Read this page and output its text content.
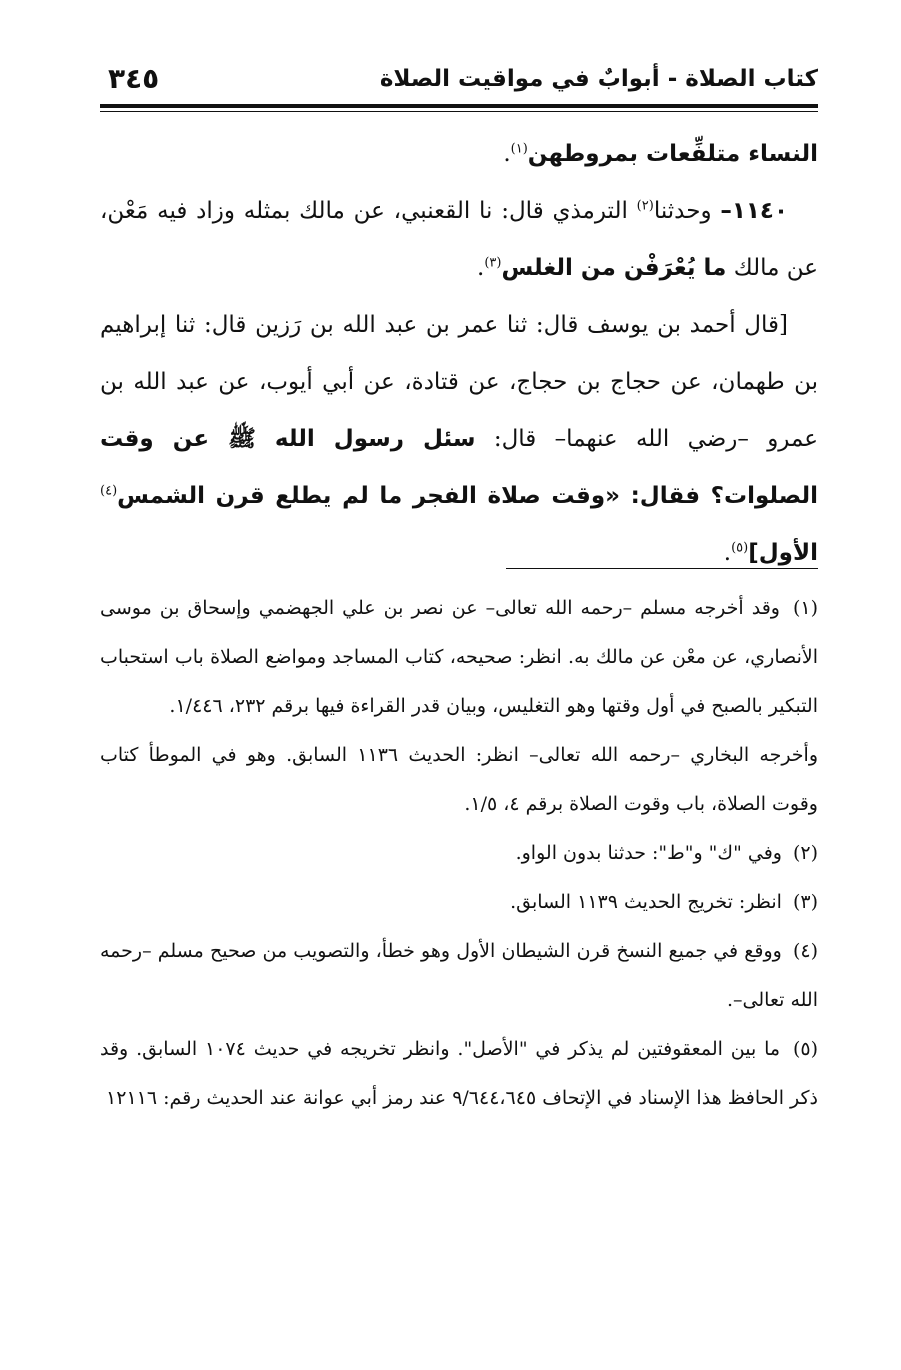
كتاب الصلاة - أبوابٌ في مواقيت الصلاة
٣٤٥

النساء متلفِّعات بمروطهن$^{(١)}$.

١١٤٠– وحدثنا$^{(٢)}$ الترمذي قال: نا القعنبي، عن مالك بمثله وزاد فيه مَعْن، عن مالك ما يُعْرَفْن من الغلس$^{(٣)}$.

[قال أحمد بن يوسف قال: ثنا عمر بن عبد الله بن رَزين قال: ثنا إبراهيم بن طهمان، عن حجاج بن حجاج، عن قتادة، عن أبي أيوب، عن عبد الله بن عمرو –رضي الله عنهما– قال: سئل رسول الله ﷺ عن وقت الصلوات؟ فقال: «وقت صلاة الفجر ما لم يطلع قرن الشمس$^{(٤)}$ الأول]$^{(٥)}$.

(١) وقد أخرجه مسلم –رحمه الله تعالى– عن نصر بن علي الجهضمي وإسحاق بن موسى الأنصاري، عن معْن عن مالك به. انظر: صحيحه، كتاب المساجد ومواضع الصلاة باب استحباب التبكير بالصبح في أول وقتها وهو التغليس، وبيان قدر القراءة فيها برقم ٢٣٢، ١/٤٤٦.

وأخرجه البخاري –رحمه الله تعالى– انظر: الحديث ١١٣٦ السابق. وهو في الموطأ كتاب وقوت الصلاة، باب وقوت الصلاة برقم ٤، ١/٥.

(٢) وفي "ك" و"ط": حدثنا بدون الواو.

(٣) انظر: تخريج الحديث ١١٣٩ السابق.

(٤) ووقع في جميع النسخ قرن الشيطان الأول وهو خطأ، والتصويب من صحيح مسلم –رحمه الله تعالى–.

(٥) ما بين المعقوفتين لم يذكر في "الأصل". وانظر تخريجه في حديث ١٠٧٤ السابق. وقد ذكر الحافظ هذا الإسناد في الإتحاف ٩/٦٤٤،٦٤٥ عند رمز أبي عوانة عند الحديث رقم: ١٢١١٦
